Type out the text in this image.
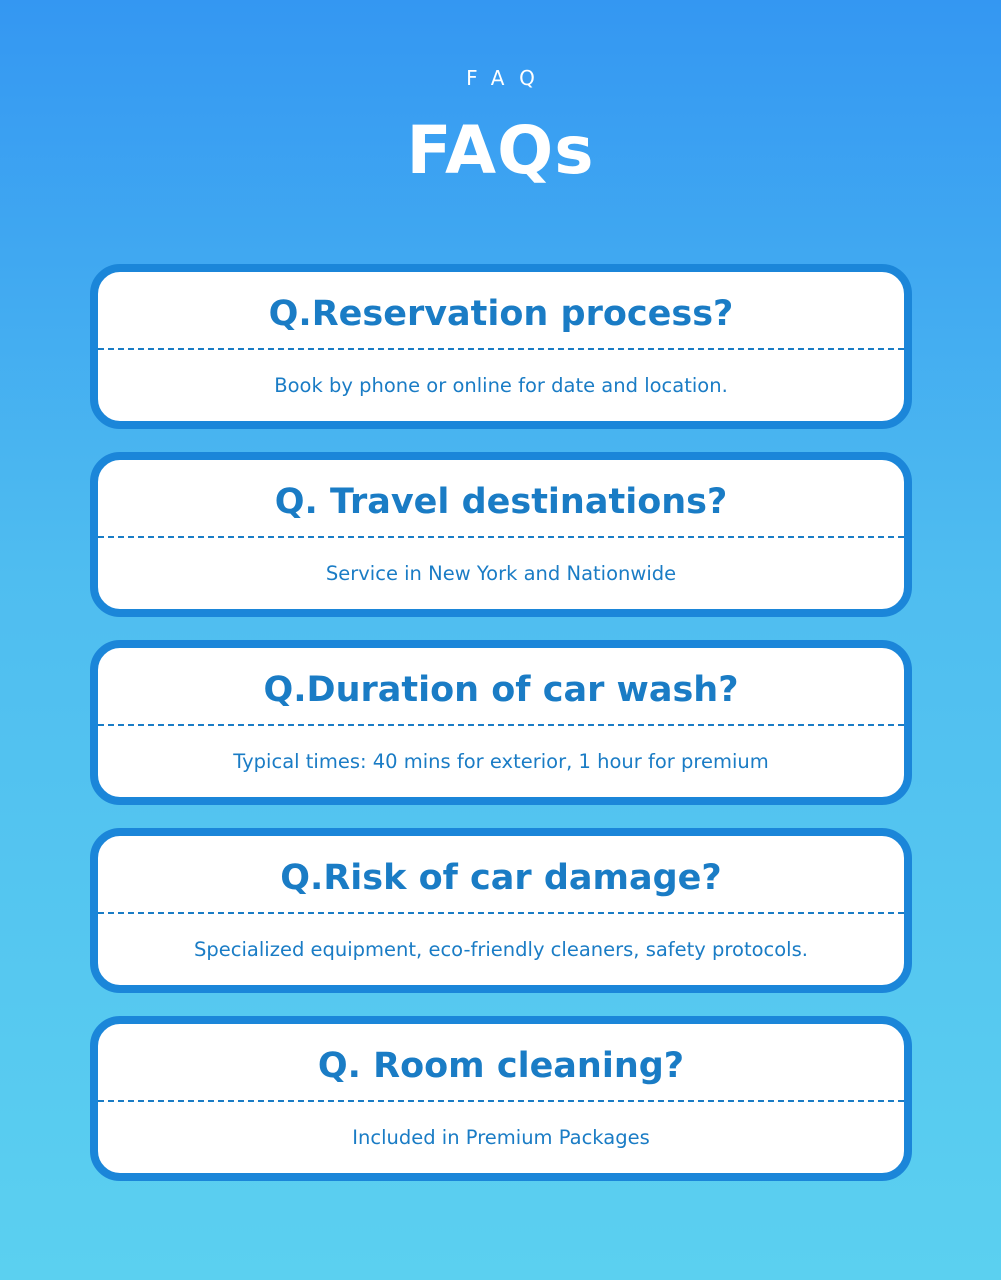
FAQ
FAQs
Q.Reservation process?
Book by phone or online for date and location.
Q. Travel destinations?
Service in New York and Nationwide
Q.Duration of car wash?
Typical times: 40 mins for exterior, 1 hour for premium
Q.Risk of car damage?
Specialized equipment, eco-friendly cleaners, safety protocols.
Q. Room cleaning?
Included in Premium Packages
